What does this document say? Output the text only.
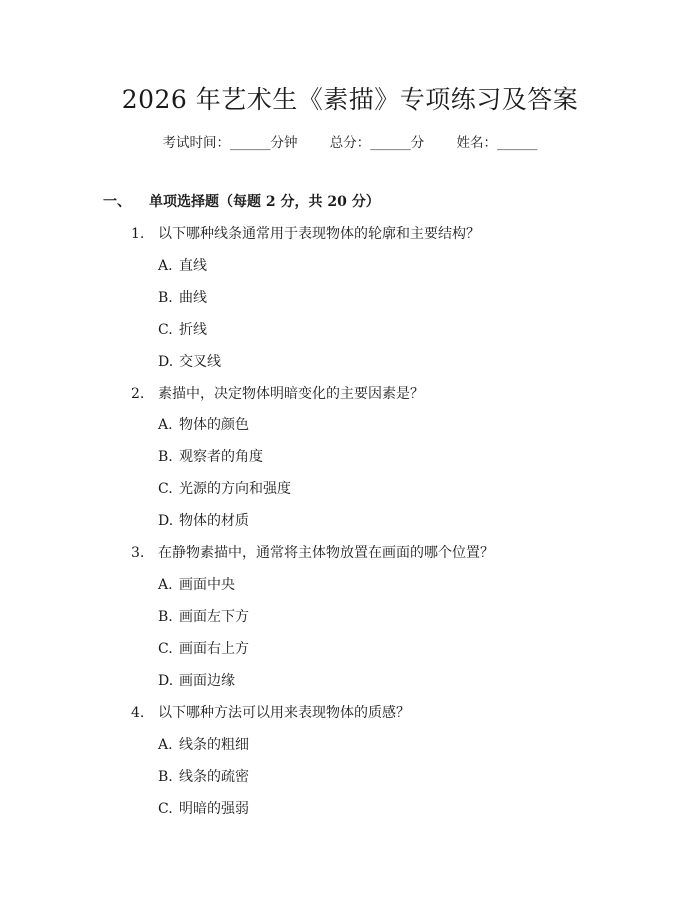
2026 年艺术生《素描》专项练习及答案
考试时间：______分钟 总分：______分 姓名：______
一、 单项选择题（每题 2 分，共 20 分）
1. 以下哪种线条通常用于表现物体的轮廓和主要结构？
A. 直线
B. 曲线
C. 折线
D. 交叉线
2. 素描中，决定物体明暗变化的主要因素是？
A. 物体的颜色
B. 观察者的角度
C. 光源的方向和强度
D. 物体的材质
3. 在静物素描中，通常将主体物放置在画面的哪个位置？
A. 画面中央
B. 画面左下方
C. 画面右上方
D. 画面边缘
4. 以下哪种方法可以用来表现物体的质感？
A. 线条的粗细
B. 线条的疏密
C. 明暗的强弱
